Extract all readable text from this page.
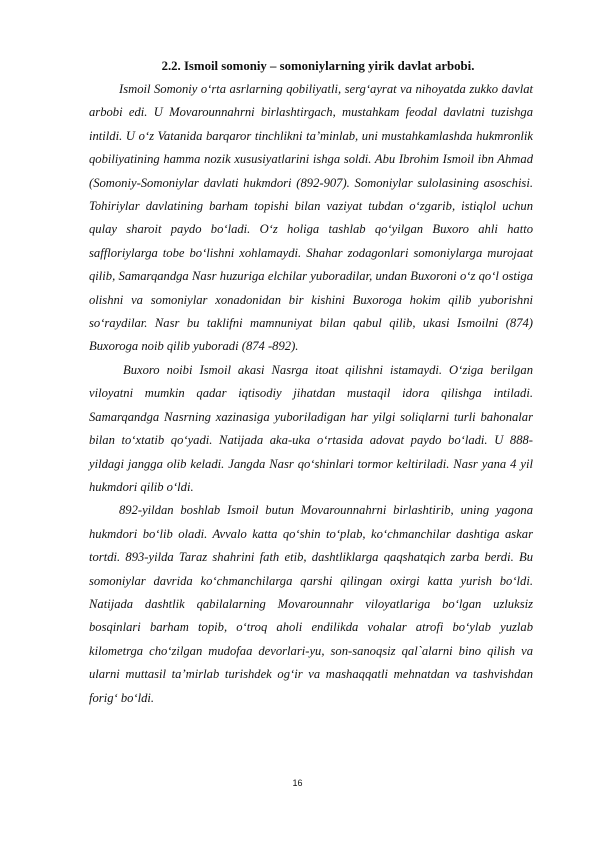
2.2. Ismoil somoniy – somoniylarning yirik davlat arbobi.

Ismoil Somoniy o‘rta asrlarning qobiliyatli, serg‘ayrat va nihoyatda zukko davlat arbobi edi. U Movarounnahrni birlashtirgach, mustahkam feodal davlatni tuzishga intildi. U o‘z Vatanida barqaror tinchlikni ta’minlab, uni mustahkamlashda hukmronlik qobiliyatining hamma nozik xususiyatlarini ishga soldi. Abu Ibrohim Ismoil ibn Ahmad (Somoniy-Somoniylar davlati hukmdori (892-907). Somoniylar sulolasining asoschisi. Tohiriylar davlatining barham topishi bilan vaziyat tubdan o‘zgarib, istiqlol uchun qulay sharoit paydo bo‘ladi. O‘z holiga tashlab qo‘yilgan Buxoro ahli hatto saffloriylarga tobe bo‘lishni xohlamaydi. Shahar zodagonlari somoniylarga murojaat qilib, Samarqandga Nasr huzuriga elchilar yuboradilar, undan Buxoroni o‘z qo‘l ostiga olishni va somoniylar xonadonidan bir kishini Buxoroga hokim qilib yuborishni so‘raydilar. Nasr bu taklifni mamnuniyat bilan qabul qilib, ukasi Ismoilni (874) Buxoroga noib qilib yuboradi (874 -892).

Buxoro noibi Ismoil akasi Nasrga itoat qilishni istamaydi. O‘ziga berilgan viloyatni mumkin qadar iqtisodiy jihatdan mustaqil idora qilishga intiladi. Samarqandga Nasrning xazinasiga yuboriladigan har yilgi soliqlarni turli bahonalar bilan to‘xtatib qo‘yadi. Natijada aka-uka o‘rtasida adovat paydo bo‘ladi. U 888-yildagi jangga olib keladi. Jangda Nasr qo‘shinlari tormor keltiriladi. Nasr yana 4 yil hukmdori qilib o‘ldi.

892-yildan boshlab Ismoil butun Movarounnahrni birlashtirib, uning yagona hukmdori bo‘lib oladi. Avvalo katta qo‘shin to‘plab, ko‘chmanchilar dashtiga askar tortdi. 893-yilda Taraz shahrini fath etib, dashtliklarga qaqshatqich zarba berdi. Bu somoniylar davrida ko‘chmanchilarga qarshi qilingan oxirgi katta yurish bo‘ldi. Natijada dashtlik qabilalarning Movarounnahr viloyatlariga bo‘lgan uzluksiz bosqinlari barham topib, o‘troq aholi endilikda vohalar atrofi bo‘ylab yuzlab kilometrga cho‘zilgan mudofaa devorlari-yu, son-sanoqsiz qal`alarni bino qilish va ularni muttasil ta’mirlab turishdek og‘ir va mashaqqatli mehnatdan va tashvishdan forig‘ bo‘ldi.

16
